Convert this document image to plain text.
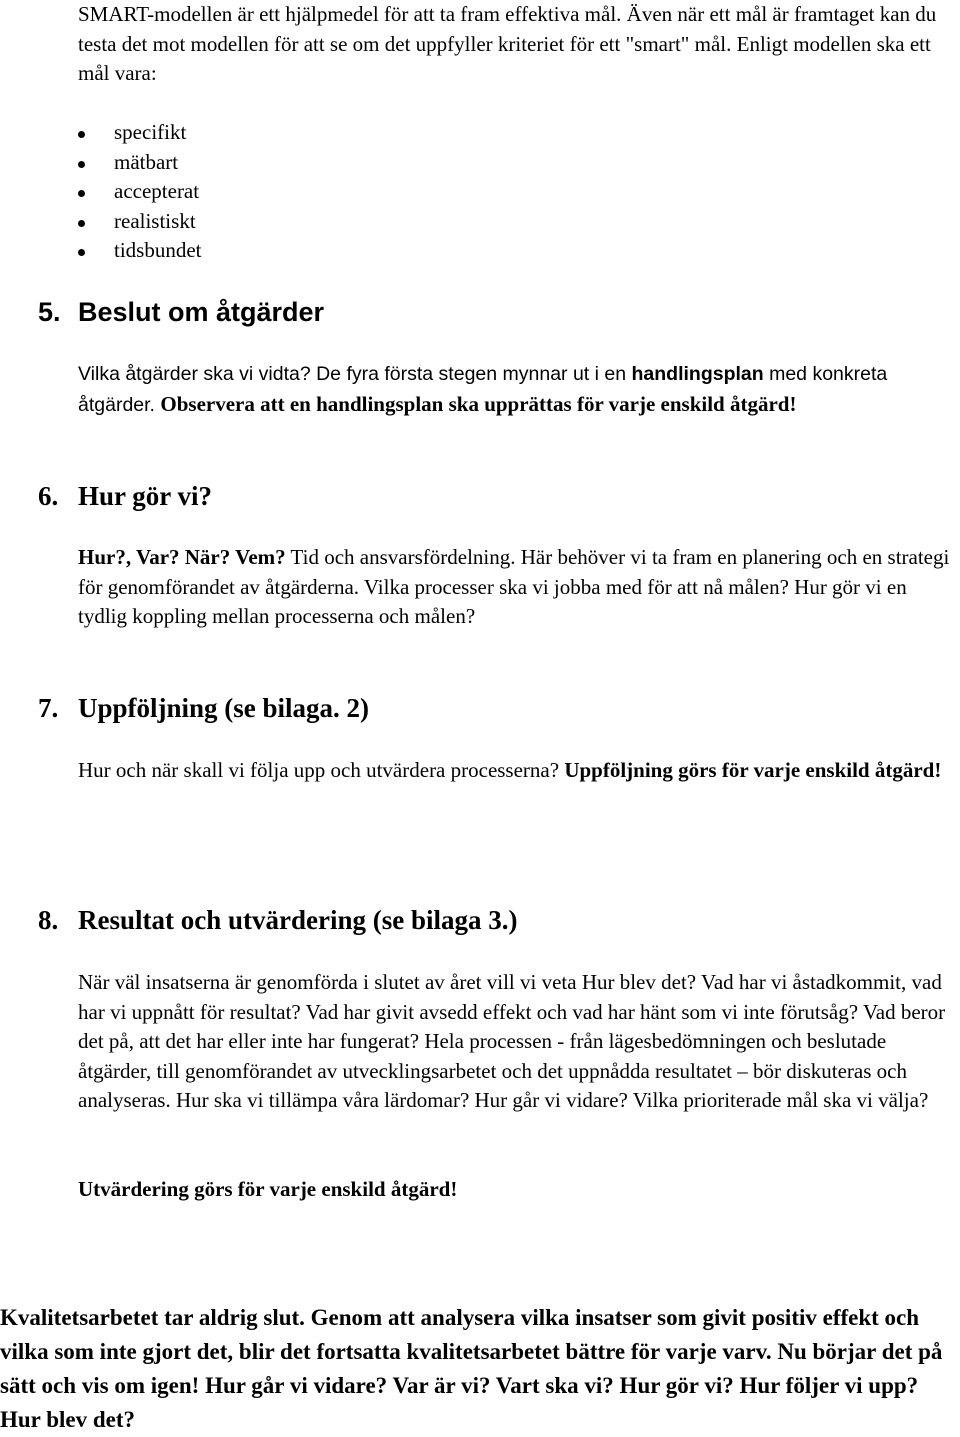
SMART-modellen är ett hjälpmedel för att ta fram effektiva mål. Även när ett mål är framtaget kan du testa det mot modellen för att se om det uppfyller kriteriet för ett "smart" mål. Enligt modellen ska ett mål vara:

specifikt
mätbart
accepterat
realistiskt
tidsbundet
5. Beslut om åtgärder

Vilka åtgärder ska vi vidta? De fyra första stegen mynnar ut i en handlingsplan med konkreta åtgärder. Observera att en handlingsplan ska upprättas för varje enskild åtgärd!

6. Hur gör vi?

Hur?, Var? När? Vem? Tid och ansvarsfördelning. Här behöver vi ta fram en planering och en strategi för genomförandet av åtgärderna. Vilka processer ska vi jobba med för att nå målen? Hur gör vi en tydlig koppling mellan processerna och målen?

7. Uppföljning (se bilaga. 2)

Hur och när skall vi följa upp och utvärdera processerna? Uppföljning görs för varje enskild åtgärd!

8. Resultat och utvärdering (se bilaga 3.)

När väl insatserna är genomförda i slutet av året vill vi veta Hur blev det? Vad har vi åstadkommit, vad har vi uppnått för resultat? Vad har givit avsedd effekt och vad har hänt som vi inte förutsåg? Vad beror det på, att det har eller inte har fungerat? Hela processen - från lägesbedömningen och beslutade åtgärder, till genomförandet av utvecklingsarbetet och det uppnådda resultatet – bör diskuteras och analyseras. Hur ska vi tillämpa våra lärdomar? Hur går vi vidare? Vilka prioriterade mål ska vi välja?

Utvärdering görs för varje enskild åtgärd!

Kvalitetsarbetet tar aldrig slut. Genom att analysera vilka insatser som givit positiv effekt och vilka som inte gjort det, blir det fortsatta kvalitetsarbetet bättre för varje varv. Nu börjar det på sätt och vis om igen! Hur går vi vidare? Var är vi? Vart ska vi? Hur gör vi? Hur följer vi upp? Hur blev det?
